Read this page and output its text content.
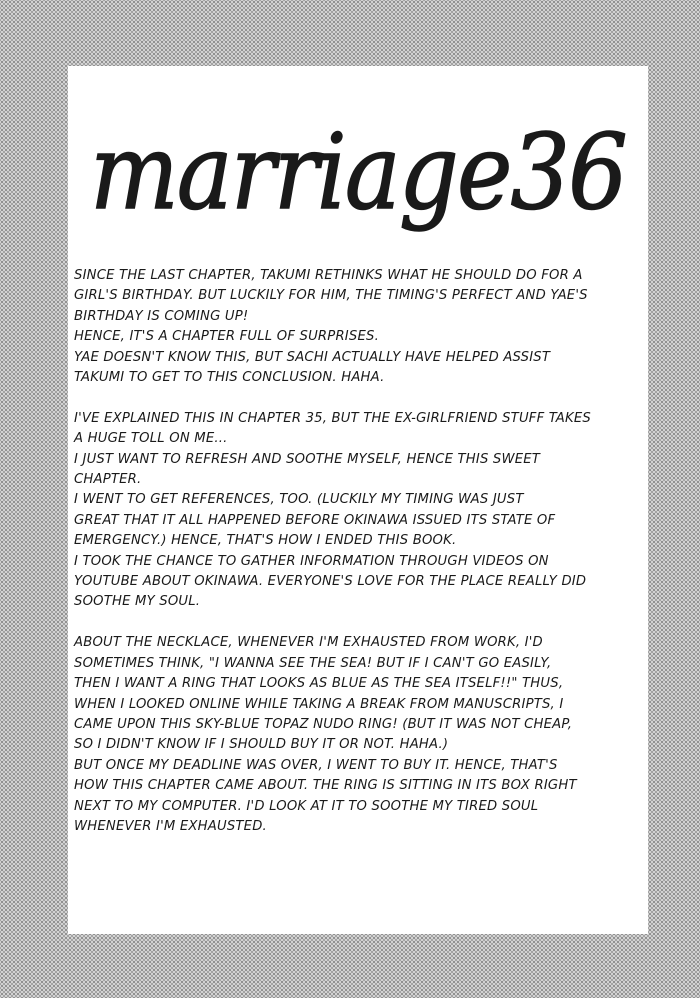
marriage36

SINCE THE LAST CHAPTER, TAKUMI RETHINKS WHAT HE SHOULD DO FOR A

GIRL'S BIRTHDAY. BUT LUCKILY FOR HIM, THE TIMING'S PERFECT AND YAE'S

BIRTHDAY IS COMING UP!

HENCE, IT'S A CHAPTER FULL OF SURPRISES.

YAE DOESN'T KNOW THIS, BUT SACHI ACTUALLY HAVE HELPED ASSIST

TAKUMI TO GET TO THIS CONCLUSION. HAHA.

I'VE EXPLAINED THIS IN CHAPTER 35, BUT THE EX-GIRLFRIEND STUFF TAKES

A HUGE TOLL ON ME...

I JUST WANT TO REFRESH AND SOOTHE MYSELF, HENCE THIS SWEET

CHAPTER.

I WENT TO GET REFERENCES, TOO. (LUCKILY MY TIMING WAS JUST

GREAT THAT IT ALL HAPPENED BEFORE OKINAWA ISSUED ITS STATE OF

EMERGENCY.) HENCE, THAT'S HOW I ENDED THIS BOOK.

I TOOK THE CHANCE TO GATHER INFORMATION THROUGH VIDEOS ON

YOUTUBE ABOUT OKINAWA. EVERYONE'S LOVE FOR THE PLACE REALLY DID

SOOTHE MY SOUL.

ABOUT THE NECKLACE, WHENEVER I'M EXHAUSTED FROM WORK, I'D

SOMETIMES THINK, "I WANNA SEE THE SEA! BUT IF I CAN'T GO EASILY,

THEN I WANT A RING THAT LOOKS AS BLUE AS THE SEA ITSELF!!" THUS,

WHEN I LOOKED ONLINE WHILE TAKING A BREAK FROM MANUSCRIPTS, I

CAME UPON THIS SKY-BLUE TOPAZ NUDO RING! (BUT IT WAS NOT CHEAP,

SO I DIDN'T KNOW IF I SHOULD BUY IT OR NOT. HAHA.)

BUT ONCE MY DEADLINE WAS OVER, I WENT TO BUY IT. HENCE, THAT'S

HOW THIS CHAPTER CAME ABOUT. THE RING IS SITTING IN ITS BOX RIGHT

NEXT TO MY COMPUTER. I'D LOOK AT IT TO SOOTHE MY TIRED SOUL

WHENEVER I'M EXHAUSTED.
